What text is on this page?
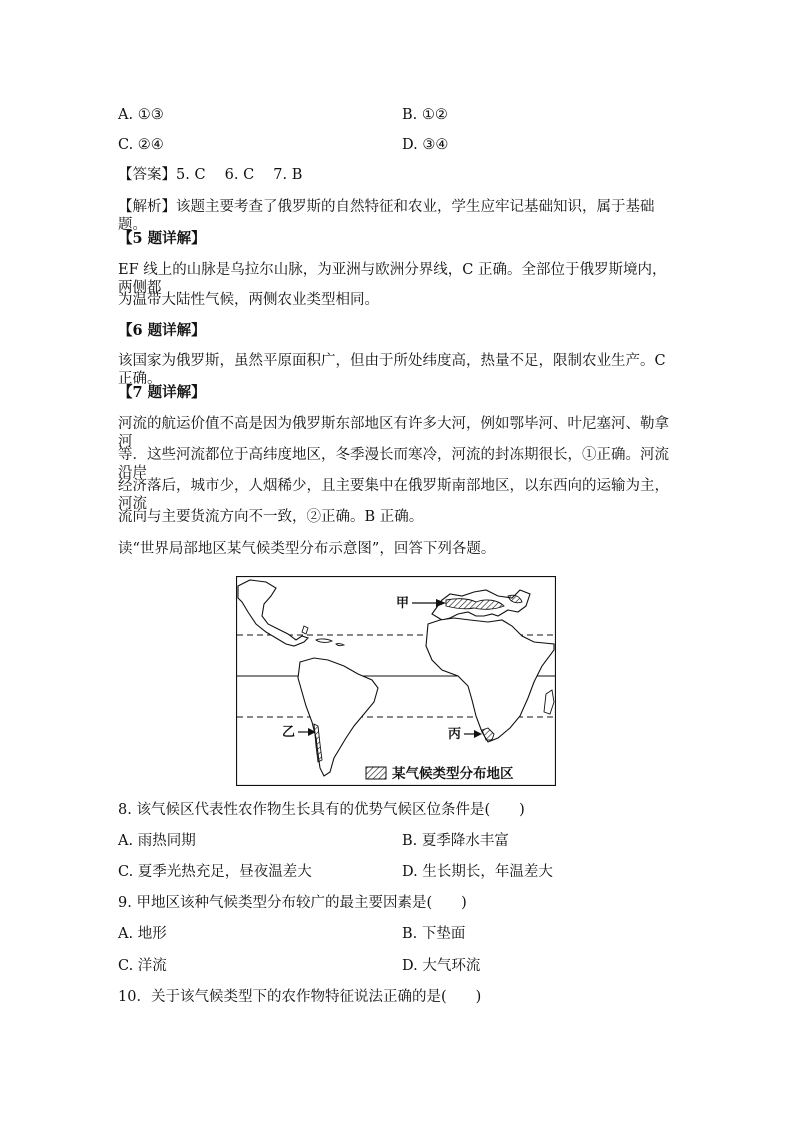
A. ①③	B. ①②
C. ②④	D. ③④
【答案】5. C　 6. C　 7. B
【解析】该题主要考查了俄罗斯的自然特征和农业，学生应牢记基础知识，属于基础题。
【5 题详解】
EF 线上的山脉是乌拉尔山脉，为亚洲与欧洲分界线，C 正确。全部位于俄罗斯境内，两侧都
为温带大陆性气候，两侧农业类型相同。
【6 题详解】
该国家为俄罗斯，虽然平原面积广，但由于所处纬度高，热量不足，限制农业生产。C 正确。
【7 题详解】
河流的航运价值不高是因为俄罗斯东部地区有许多大河，例如鄂毕河、叶尼塞河、勒拿河
等．这些河流都位于高纬度地区，冬季漫长而寒冷，河流的封冻期很长，①正确。河流沿岸
经济落后，城市少，人烟稀少，且主要集中在俄罗斯南部地区，以东西向的运输为主，河流
流向与主要货流方向不一致，②正确。B 正确。
读“世界局部地区某气候类型分布示意图”，回答下列各题。
甲
乙	丙
某气候类型分布地区
8. 该气候区代表性农作物生长具有的优势气候区位条件是(　　)
A. 雨热同期	B. 夏季降水丰富
C. 夏季光热充足，昼夜温差大	D. 生长期长，年温差大
9. 甲地区该种气候类型分布较广的最主要因素是(　　)
A. 地形	B. 下垫面
C. 洋流	D. 大气环流
10．关于该气候类型下的农作物特征说法正确的是(　　)
